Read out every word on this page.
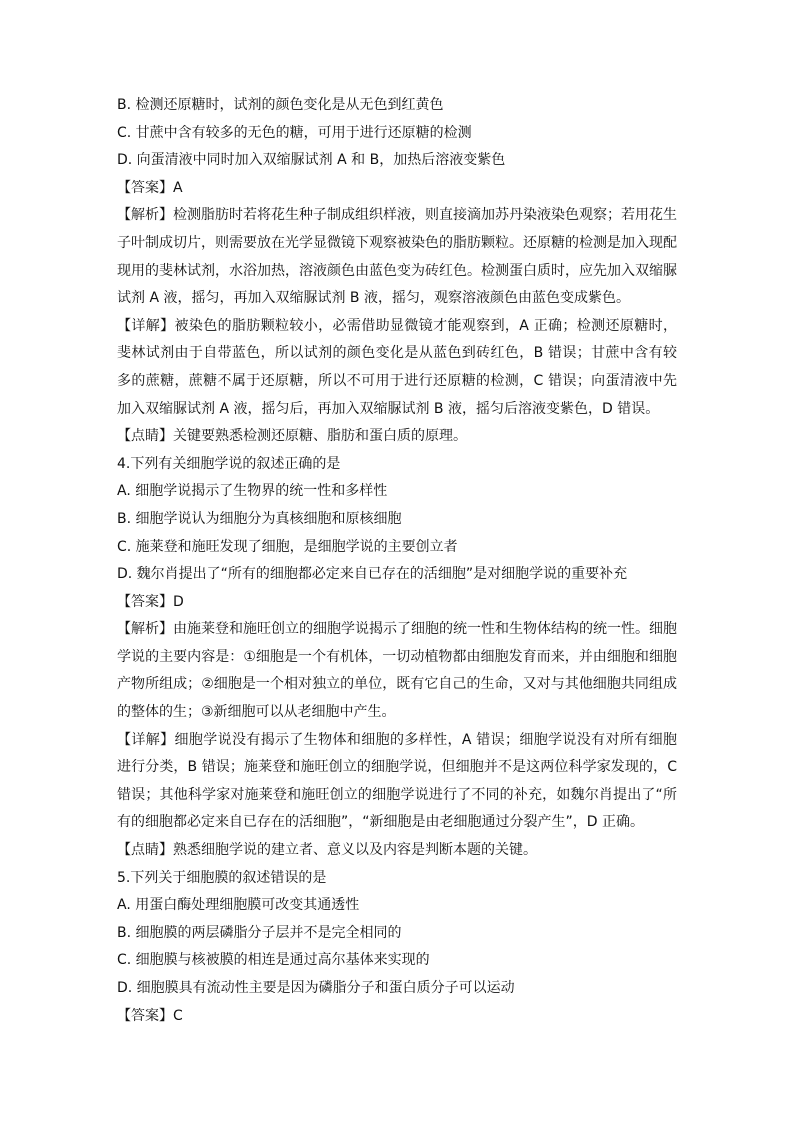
B. 检测还原糖时，试剂的颜色变化是从无色到红黄色
C. 甘蔗中含有较多的无色的糖，可用于进行还原糖的检测
D. 向蛋清液中同时加入双缩脲试剂 A 和 B，加热后溶液变紫色
【答案】A

【解析】检测脂肪时若将花生种子制成组织样液，则直接滴加苏丹染液染色观察；若用花生子叶制成切片，则需要放在光学显微镜下观察被染色的脂肪颗粒。还原糖的检测是加入现配现用的斐林试剂，水浴加热，溶液颜色由蓝色变为砖红色。检测蛋白质时，应先加入双缩脲试剂 A 液，摇匀，再加入双缩脲试剂 B 液，摇匀，观察溶液颜色由蓝色变成紫色。

【详解】被染色的脂肪颗粒较小，必需借助显微镜才能观察到，A 正确；检测还原糖时，斐林试剂由于自带蓝色，所以试剂的颜色变化是从蓝色到砖红色，B 错误；甘蔗中含有较多的蔗糖，蔗糖不属于还原糖，所以不可用于进行还原糖的检测，C 错误；向蛋清液中先加入双缩脲试剂 A 液，摇匀后，再加入双缩脲试剂 B 液，摇匀后溶液变紫色，D 错误。

【点睛】关键要熟悉检测还原糖、脂肪和蛋白质的原理。

4.下列有关细胞学说的叙述正确的是
A. 细胞学说揭示了生物界的统一性和多样性
B. 细胞学说认为细胞分为真核细胞和原核细胞
C. 施莱登和施旺发现了细胞，是细胞学说的主要创立者
D. 魏尔肖提出了“所有的细胞都必定来自已存在的活细胞”是对细胞学说的重要补充
【答案】D

【解析】由施莱登和施旺创立的细胞学说揭示了细胞的统一性和生物体结构的统一性。细胞学说的主要内容是：①细胞是一个有机体，一切动植物都由细胞发育而来，并由细胞和细胞产物所组成；②细胞是一个相对独立的单位，既有它自己的生命，又对与其他细胞共同组成的整体的生；③新细胞可以从老细胞中产生。

【详解】细胞学说没有揭示了生物体和细胞的多样性，A 错误；细胞学说没有对所有细胞进行分类，B 错误；施莱登和施旺创立的细胞学说，但细胞并不是这两位科学家发现的，C 错误；其他科学家对施莱登和施旺创立的细胞学说进行了不同的补充，如魏尔肖提出了“所有的细胞都必定来自已存在的活细胞”，“新细胞是由老细胞通过分裂产生”，D 正确。

【点睛】熟悉细胞学说的建立者、意义以及内容是判断本题的关键。

5.下列关于细胞膜的叙述错误的是
A. 用蛋白酶处理细胞膜可改变其通透性
B. 细胞膜的两层磷脂分子层并不是完全相同的
C. 细胞膜与核被膜的相连是通过高尔基体来实现的
D. 细胞膜具有流动性主要是因为磷脂分子和蛋白质分子可以运动
【答案】C
